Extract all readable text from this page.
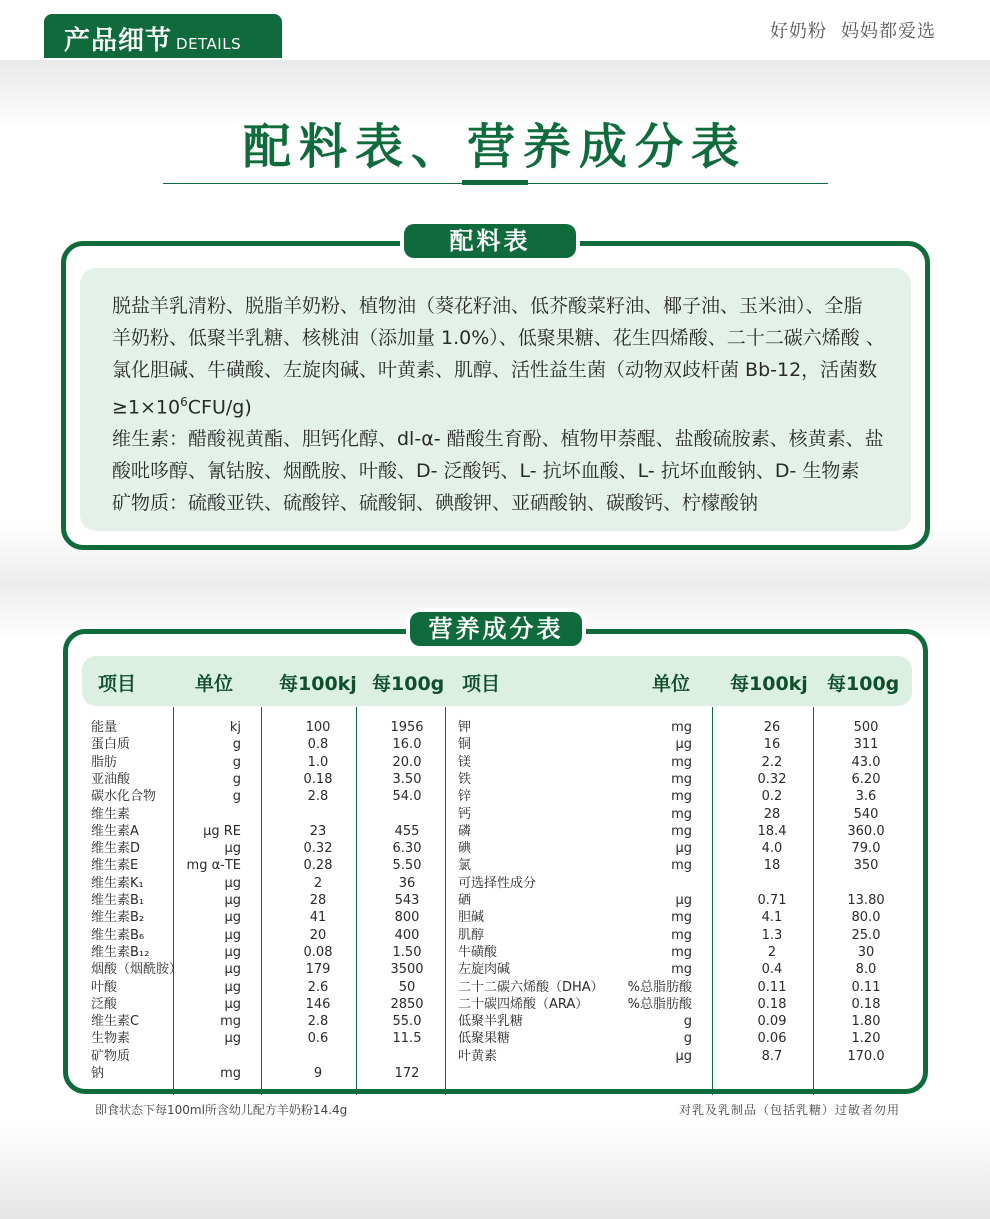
产品细节 DETAILS
好奶粉 妈妈都爱选
配料表、营养成分表
脱盐羊乳清粉、脱脂羊奶粉、植物油（葵花籽油、低芥酸菜籽油、椰子油、玉米油）、全脂
羊奶粉、低聚半乳糖、核桃油（添加量 1.0%）、低聚果糖、花生四烯酸、二十二碳六烯酸 、
氯化胆碱、牛磺酸、左旋肉碱、叶黄素、肌醇、活性益生菌（动物双歧杆菌 Bb-12，活菌数
$\ge 1\times 10^6CFU/g$)
维生素：醋酸视黄酯、胆钙化醇、dl-α- 醋酸生育酚、植物甲萘醌、盐酸硫胺素、核黄素、盐
酸吡哆醇、氰钴胺、烟酰胺、叶酸、D- 泛酸钙、L- 抗坏血酸、L- 抗坏血酸钠、D- 生物素
矿物质：硫酸亚铁、硫酸锌、硫酸铜、碘酸钾、亚硒酸钠、碳酸钙、柠檬酸钠
配料表
项目	单位 每100kj 每100g 项目	单位 每100kj 每100g
能量	kj	100	1956
蛋白质	g	0.8	16.0
脂肪	g	1.0	20.0
亚油酸	g	0.18	3.50
碳水化合物	g	2.8	54.0
维生素
维生素A	μg RE	23	455
维生素D	μg	0.32	6.30
维生素E	mg α-TE	0.28	5.50
维生素K₁	μg	2	36
维生素B₁	μg	28	543
维生素B₂	μg	41	800
维生素B₆	μg	20	400
维生素B₁₂	μg	0.08	1.50
烟酸（烟酰胺）	μg	179	3500
叶酸	μg	2.6	50
泛酸	μg	146	2850
维生素C	mg	2.8	55.0
生物素	μg	0.6	11.5
矿物质
钠	mg	9	172
钾	mg	26	500
铜	μg	16	311
镁	mg	2.2	43.0
铁	mg	0.32	6.20
锌	mg	0.2	3.6
钙	mg	28	540
磷	mg	18.4	360.0
碘	μg	4.0	79.0
氯	mg	18	350
可选择性成分
硒	μg	0.71	13.80
胆碱	mg	4.1	80.0
肌醇	mg	1.3	25.0
牛磺酸	mg	2	30
左旋肉碱	mg	0.4	8.0
二十二碳六烯酸（DHA） %总脂肪酸	0.11	0.11
二十碳四烯酸（ARA）	%总脂肪酸	0.18	0.18
低聚半乳糖	g	0.09	1.80
低聚果糖	g	0.06	1.20
叶黄素	μg	8.7	170.0
营养成分表
即食状态下每100ml所含幼儿配方羊奶粉14.4g	对乳及乳制品（包括乳糖）过敏者勿用
